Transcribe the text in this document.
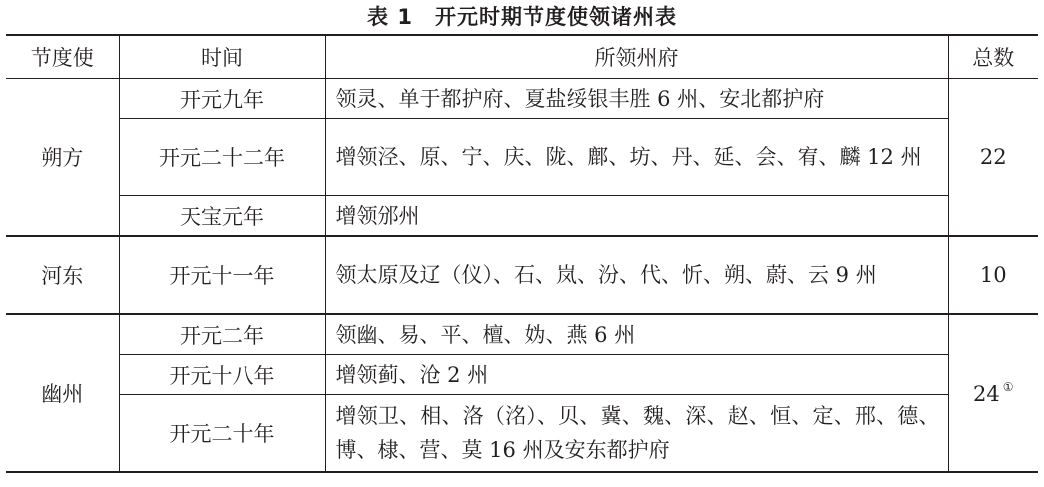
表 1 开元时期节度使领诸州表
节度使	时间	所领州府	总数
朔方	开元九年	领灵、单于都护府、夏盐绥银丰胜 6 州、安北都护府	22
	开元二十二年	增领泾、原、宁、庆、陇、鄜、坊、丹、延、会、宥、麟 12 州	
	天宝元年	增领邠州	
河东	开元十一年	领太原及辽（仪）、石、岚、汾、代、忻、朔、蔚、云 9 州	10
幽州	开元二年	领幽、易、平、檀、妫、燕 6 州	24 ①
	开元十八年	增领蓟、沧 2 州	
	开元二十年	增领卫、相、洛（洺）、贝、冀、魏、深、赵、恒、定、邢、德、博、棣、营、莫 16 州及安东都护府	
